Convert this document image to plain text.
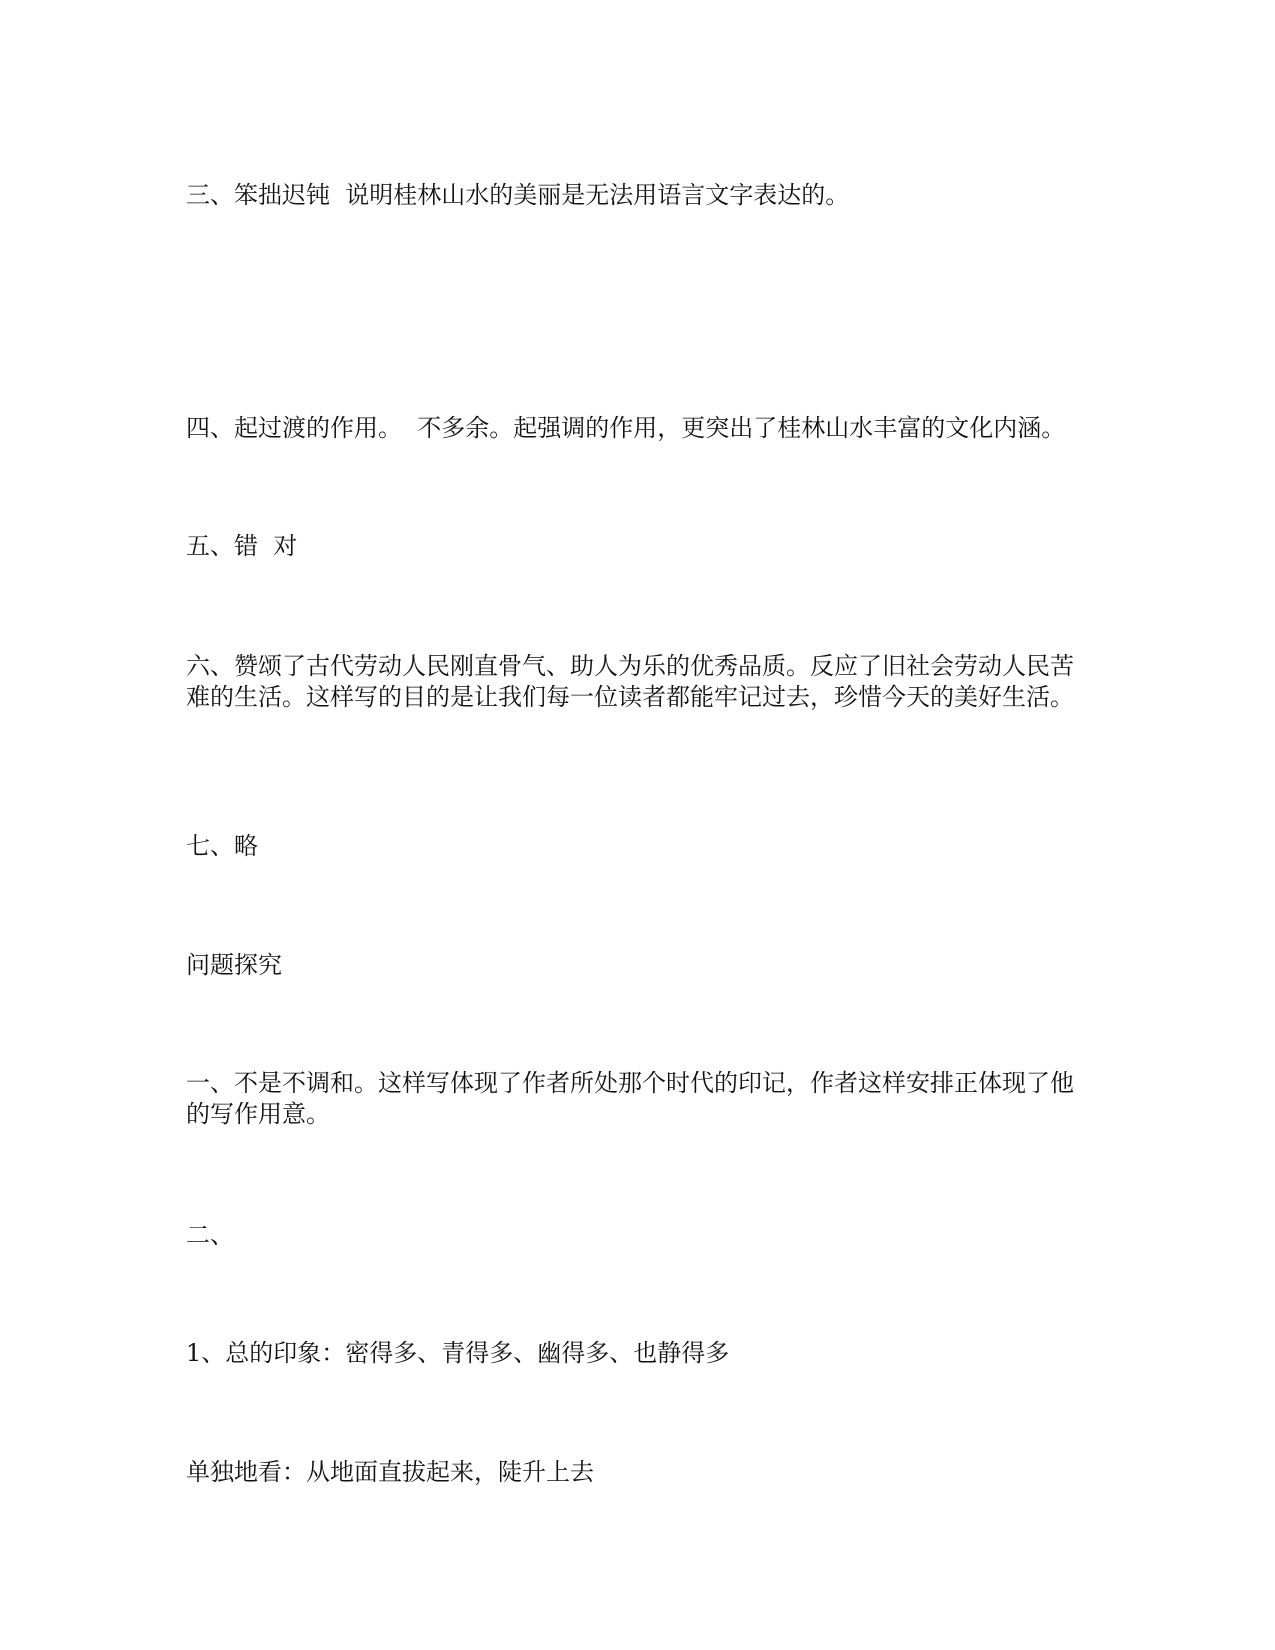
三、笨拙迟钝  说明桂林山水的美丽是无法用语言文字表达的。

四、起过渡的作用。  不多余。起强调的作用，更突出了桂林山水丰富的文化内涵。

五、错  对

六、赞颂了古代劳动人民刚直骨气、助人为乐的优秀品质。反应了旧社会劳动人民苦难的生活。这样写的目的是让我们每一位读者都能牢记过去，珍惜今天的美好生活。

七、略

问题探究

一、不是不调和。这样写体现了作者所处那个时代的印记，作者这样安排正体现了他的写作用意。

二、

1、总的印象：密得多、青得多、幽得多、也静得多

单独地看：从地面直拔起来，陡升上去
